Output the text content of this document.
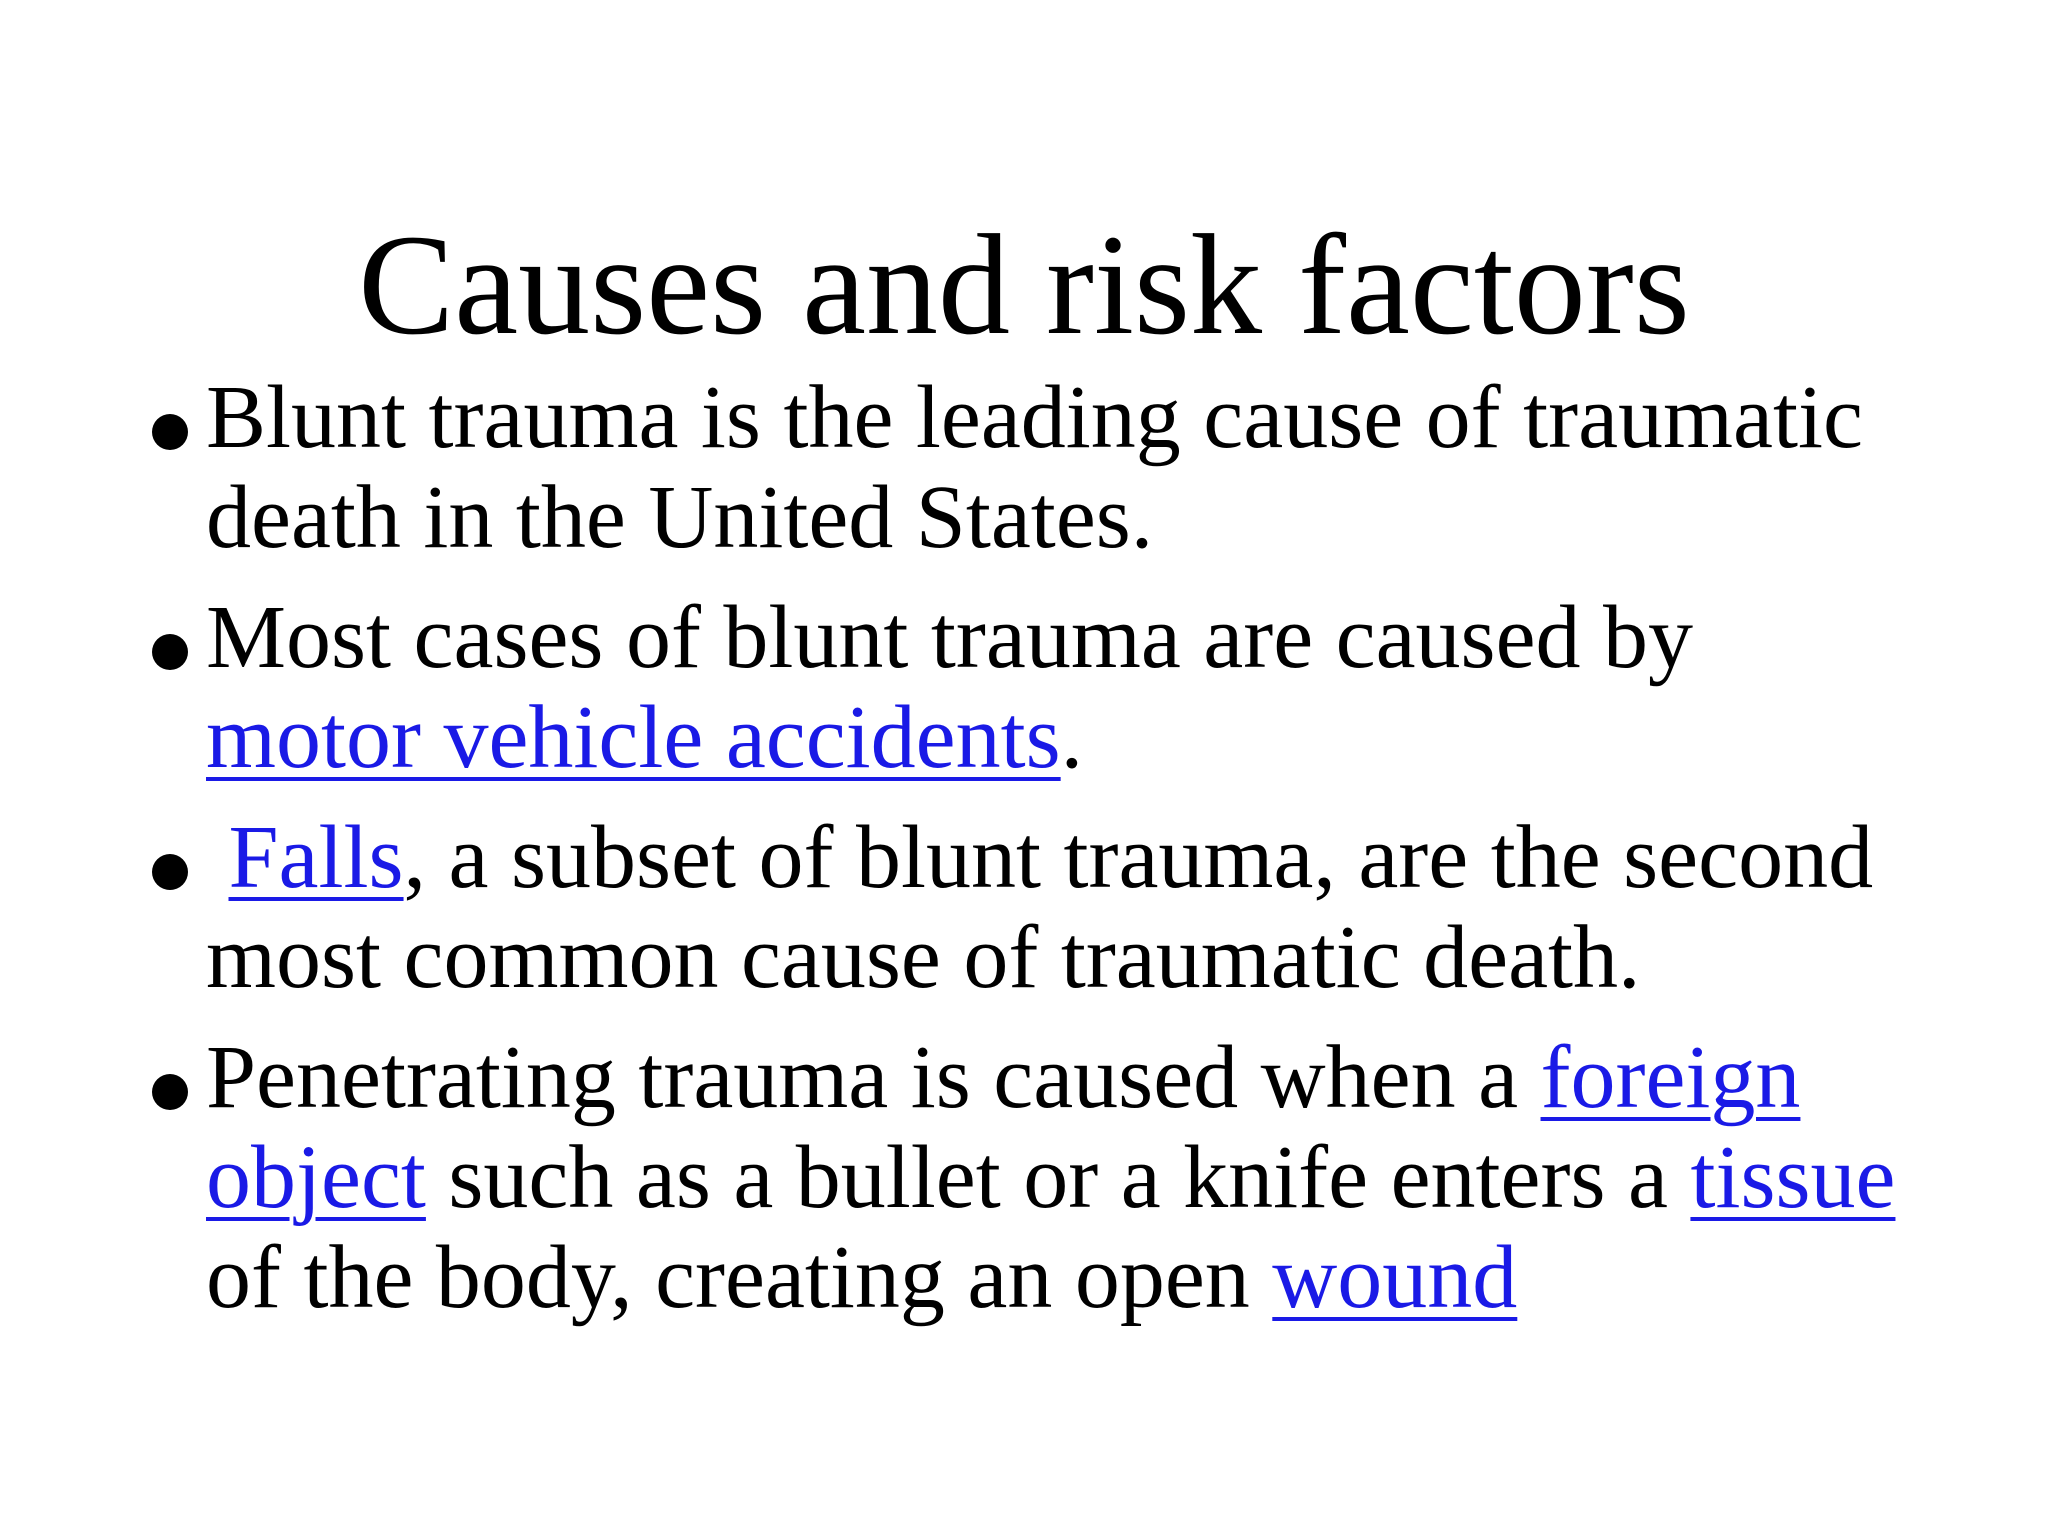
Causes and risk factors
Blunt trauma is the leading cause of traumatic
death in the United States.
Most cases of blunt trauma are caused by
motor vehicle accidents.
Falls, a subset of blunt trauma, are the second
most common cause of traumatic death.
Penetrating trauma is caused when a foreign
object such as a bullet or a knife enters a tissue
of the body, creating an open wound
